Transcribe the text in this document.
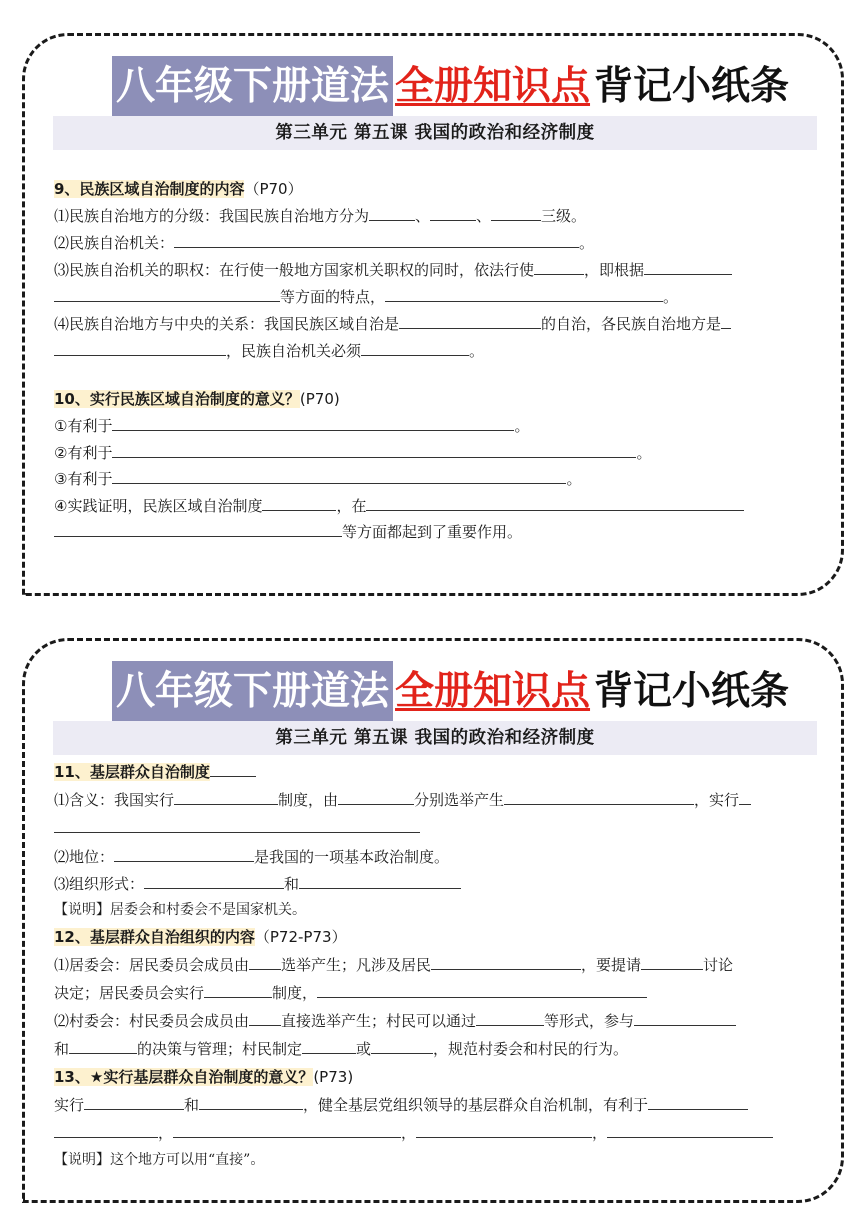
八年级下册道法 全册知识点 背记小纸条
第三单元 第五课 我国的政治和经济制度
9、民族区域自治制度的内容（P70）
⑴民族自治地方的分级：我国民族自治地方分为	、	、	三级。
⑵民族自治机关：	。
⑶民族自治机关的职权：在行使一般地方国家机关职权的同时，依法行使	，即根据
等方面的特点，	。
⑷民族自治地方与中央的关系：我国民族区域自治是	的自治，各民族自治地方是
，民族自治机关必须	。
10、实行民族区域自治制度的意义？(P70)
①有利于	。
②有利于	。
③有利于	。
④实践证明，民族区域自治制度	，在
等方面都起到了重要作用。
八年级下册道法 全册知识点 背记小纸条
第三单元 第五课 我国的政治和经济制度
11、基层群众自治制度
⑴含义：我国实行	制度，由	分别选举产生	，实行
⑵地位：	是我国的一项基本政治制度。
⑶组织形式：	和
【说明】居委会和村委会不是国家机关。
12、基层群众自治组织的内容（P72-P73）
⑴居委会：居民委员会成员由 选举产生；凡涉及居民	，要提请	讨论
决定；居民委员会实行	制度，
⑵村委会：村民委员会成员由 直接选举产生；村民可以通过	等形式，参与
和	的决策与管理；村民制定	或	，规范村委会和村民的行为。
13、★实行基层群众自治制度的意义？(P73)
实行	和	，健全基层党组织领导的基层群众自治机制，有利于
，	，	，
【说明】这个地方可以用“直接”。
